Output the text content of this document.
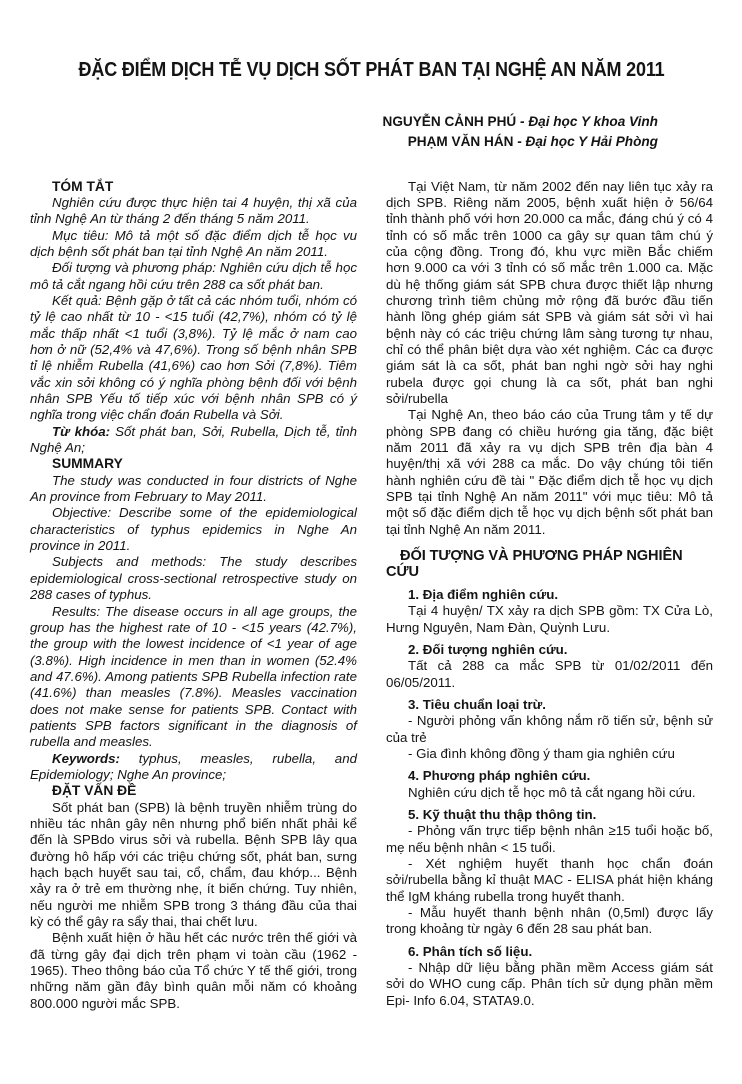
ĐẶC ĐIỂM DỊCH TỄ VỤ DỊCH SỐT PHÁT BAN TẠI NGHỆ AN NĂM 2011
NGUYỄN CẢNH PHÚ - Đại học Y khoa Vinh
PHẠM VĂN HÁN - Đại học Y Hải Phòng

TÓM TẮT

Nghiên cứu được thực hiện tai 4 huyện, thị xã của tỉnh Nghệ An từ tháng 2 đến tháng 5 năm 2011.

Mục tiêu: Mô tả một số đặc điểm dịch tễ học vu dịch bệnh sốt phát ban tại tỉnh Nghệ An năm 2011.

Đối tượng và phương pháp: Nghiên cứu dịch tễ học mô tả cắt ngang hồi cứu trên 288 ca sốt phát ban.

Kết quả: Bệnh gặp ở tất cả các nhóm tuổi, nhóm có tỷ lệ cao nhất từ 10 - <15 tuổi (42,7%), nhóm có tỷ lệ mắc thấp nhất <1 tuổi (3,8%). Tỷ lệ mắc ở nam cao hơn ở nữ (52,4% và 47,6%). Trong số bệnh nhân SPB tỉ lệ nhiễm Rubella (41,6%) cao hơn Sởi (7,8%). Tiêm vắc xin sởi không có ý nghĩa phòng bệnh đối với bệnh nhân SPB Yếu tố tiếp xúc với bệnh nhân SPB có ý nghĩa trong việc chẩn đoán Rubella và Sởi.

Từ khóa: Sốt phát ban, Sởi, Rubella, Dịch tễ, tỉnh Nghệ An;

SUMMARY

The study was conducted in four districts of Nghe An province from February to May 2011.

Objective: Describe some of the epidemiological characteristics of typhus epidemics in Nghe An province in 2011.

Subjects and methods: The study describes epidemiological cross-sectional retrospective study on 288 cases of typhus.

Results: The disease occurs in all age groups, the group has the highest rate of 10 - <15 years (42.7%), the group with the lowest incidence of <1 year of age (3.8%). High incidence in men than in women (52.4% and 47.6%). Among patients SPB Rubella infection rate (41.6%) than measles (7.8%). Measles vaccination does not make sense for patients SPB. Contact with patients SPB factors significant in the diagnosis of rubella and measles.

Keywords: typhus, measles, rubella, and Epidemiology; Nghe An province;

ĐẶT VẤN ĐỀ

Sốt phát ban (SPB) là bệnh truyền nhiễm trùng do nhiều tác nhân gây nên nhưng phổ biến nhất phải kể đến là SPBdo virus sởi và rubella. Bệnh SPB lây qua đường hô hấp với các triệu chứng sốt, phát ban, sưng hạch bạch huyết sau tai, cổ, chẩm, đau khớp... Bệnh xảy ra ở trẻ em thường nhẹ, ít biến chứng. Tuy nhiên, nếu người me nhiễm SPB trong 3 tháng đầu của thai kỳ có thể gây ra sẩy thai, thai chết lưu.

Bệnh xuất hiện ở hầu hết các nước trên thế giới và đã từng gây đại dịch trên phạm vi toàn cầu (1962 - 1965). Theo thông báo của Tổ chức Y tế thế giới, trong những năm gần đây bình quân mỗi năm có khoảng 800.000 người mắc SPB.

Tại Việt Nam, từ năm 2002 đến nay liên tục xảy ra dịch SPB. Riêng năm 2005, bệnh xuất hiện ở 56/64 tỉnh thành phố với hơn 20.000 ca mắc, đáng chú ý có 4 tỉnh có số mắc trên 1000 ca gây sự quan tâm chú ý của cộng đồng. Trong đó, khu vực miền Bắc chiếm hơn 9.000 ca với 3 tỉnh có số mắc trên 1.000 ca. Mặc dù hệ thống giám sát SPB chưa được thiết lập nhưng chương trình tiêm chủng mở rộng đã bước đầu tiến hành lồng ghép giám sát SPB và giám sát sởi vì hai bệnh này có các triệu chứng lâm sàng tương tự nhau, chỉ có thể phân biệt dựa vào xét nghiệm. Các ca được giám sát là ca sốt, phát ban nghi ngờ sởi hay nghi rubela được gọi chung là ca sốt, phát ban nghi sởi/rubella

Tại Nghệ An, theo báo cáo của Trung tâm y tế dự phòng SPB đang có chiều hướng gia tăng, đặc biệt năm 2011 đã xảy ra vụ dịch SPB trên địa bàn 4 huyện/thị xã với 288 ca mắc. Do vậy chúng tôi tiến hành nghiên cứu đề tài " Đặc điểm dịch tễ học vụ dịch SPB tại tỉnh Nghệ An năm 2011" với mục tiêu: Mô tả một số đặc điểm dịch tễ học vụ dịch bệnh sốt phát ban tại tỉnh Nghệ An năm 2011.

ĐỐI TƯỢNG VÀ PHƯƠNG PHÁP NGHIÊN CỨU

1. Địa điểm nghiên cứu.

Tại 4 huyện/ TX xảy ra dịch SPB gồm: TX Cửa Lò, Hưng Nguyên, Nam Đàn, Quỳnh Lưu.

2. Đối tượng nghiên cứu.

Tất cả 288 ca mắc SPB từ 01/02/2011 đến 06/05/2011.

3. Tiêu chuẩn loại trừ.

- Người phỏng vấn không nắm rõ tiến sử, bệnh sử của trẻ

- Gia đình không đồng ý tham gia nghiên cứu

4. Phương pháp nghiên cứu.

Nghiên cứu dịch tễ học mô tả cắt ngang hồi cứu.

5. Kỹ thuật thu thập thông tin.

- Phỏng vấn trực tiếp bệnh nhân ≥15 tuổi hoặc bố, mẹ nếu bệnh nhân < 15 tuổi.

- Xét nghiệm huyết thanh học chẩn đoán sởi/rubella bằng kỉ thuật MAC - ELISA phát hiện kháng thể IgM kháng rubella trong huyết thanh.

- Mẫu huyết thanh bệnh nhân (0,5ml) được lấy trong khoảng từ ngày 6 đến 28 sau phát ban.

6. Phân tích số liệu.

- Nhập dữ liệu bằng phần mềm Access giám sát sởi do WHO cung cấp. Phân tích sử dụng phần mềm Epi- Info 6.04, STATA9.0.
